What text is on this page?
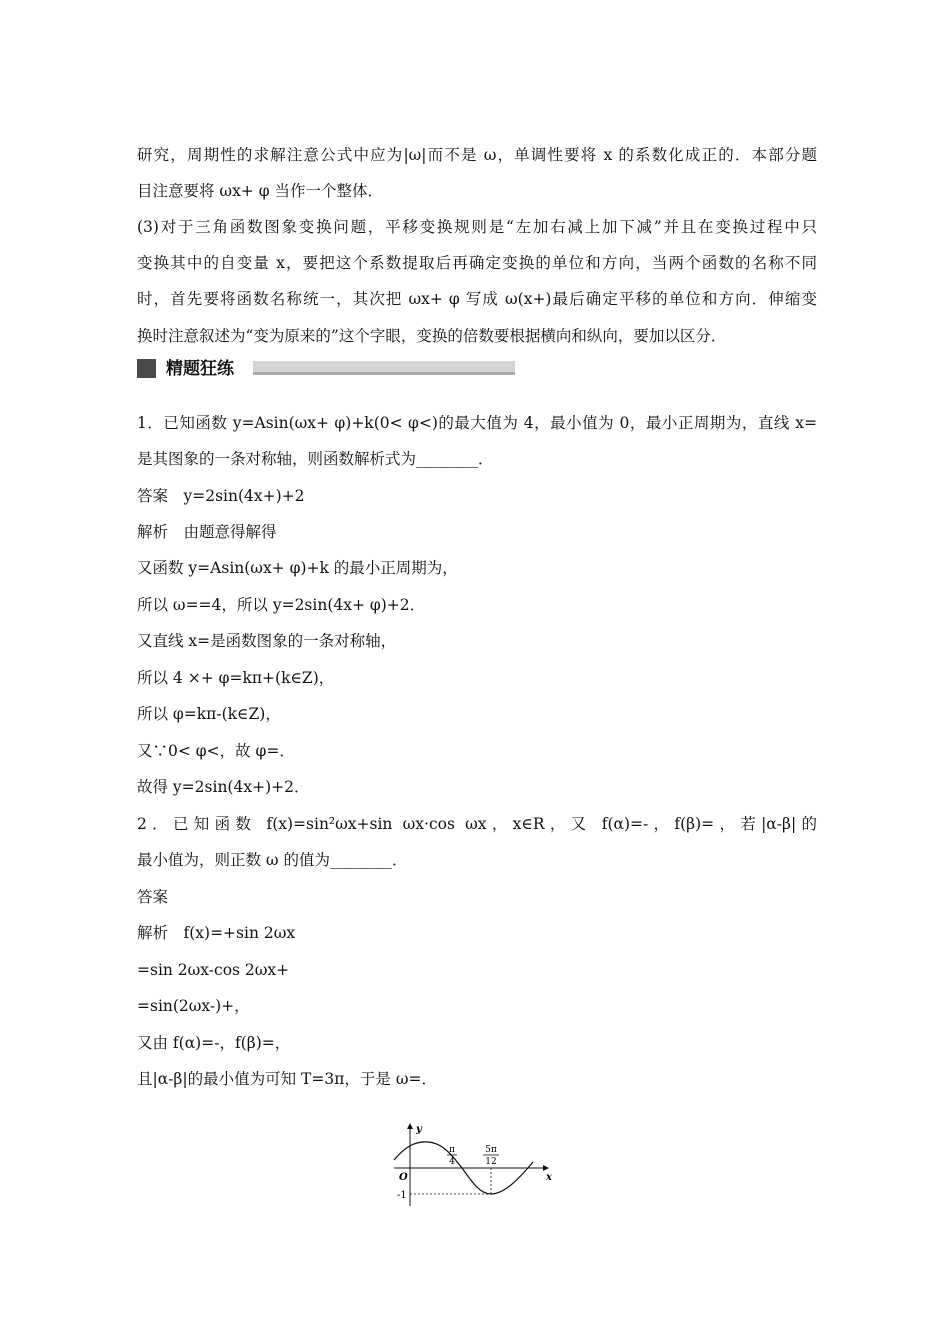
研究，周期性的求解注意公式中应为|ω|而不是 ω，单调性要将 x 的系数化成正的．本部分题
目注意要将 ωx+ φ 当作一个整体．
(3)对于三角函数图象变换问题，平移变换规则是“左加右减上加下减”并且在变换过程中只
变换其中的自变量 x，要把这个系数提取后再确定变换的单位和方向，当两个函数的名称不同
时，首先要将函数名称统一，其次把 ωx+ φ 写成 ω(x+)最后确定平移的单位和方向．伸缩变
换时注意叙述为“变为原来的”这个字眼，变换的倍数要根据横向和纵向，要加以区分．
1．已知函数 y=Asin(ωx+ φ)+k(0< φ<)的最大值为 4，最小值为 0，最小正周期为，直线 x=
是其图象的一条对称轴，则函数解析式为________．
答案　y=2sin(4x+)+2
解析　由题意得解得
又函数 y=Asin(ωx+ φ)+k 的最小正周期为，
所以 ω==4，所以 y=2sin(4x+ φ)+2．
又直线 x=是函数图象的一条对称轴，
所以 4 ×+ φ=kπ+(k∈Z)，
所以 φ=kπ-(k∈Z)，
又∵0< φ<，故 φ=．
故得 y=2sin(4x+)+2．
2．已知函数 f(x)=sin²ωx+sin ωx·cos ωx，x∈R，又 f(α)=-，f(β)=，若|α-β|的
最小值为，则正数 ω 的值为________．
答案
解析　f(x)=+sin 2ωx
=sin 2ωx-cos 2ωx+
=sin(2ωx-)+，
又由 f(α)=-，f(β)=，
且|α-β|的最小值为可知 T=3π，于是 ω=．
精题狂练
y
x
O
-1
π
4
5π
12
